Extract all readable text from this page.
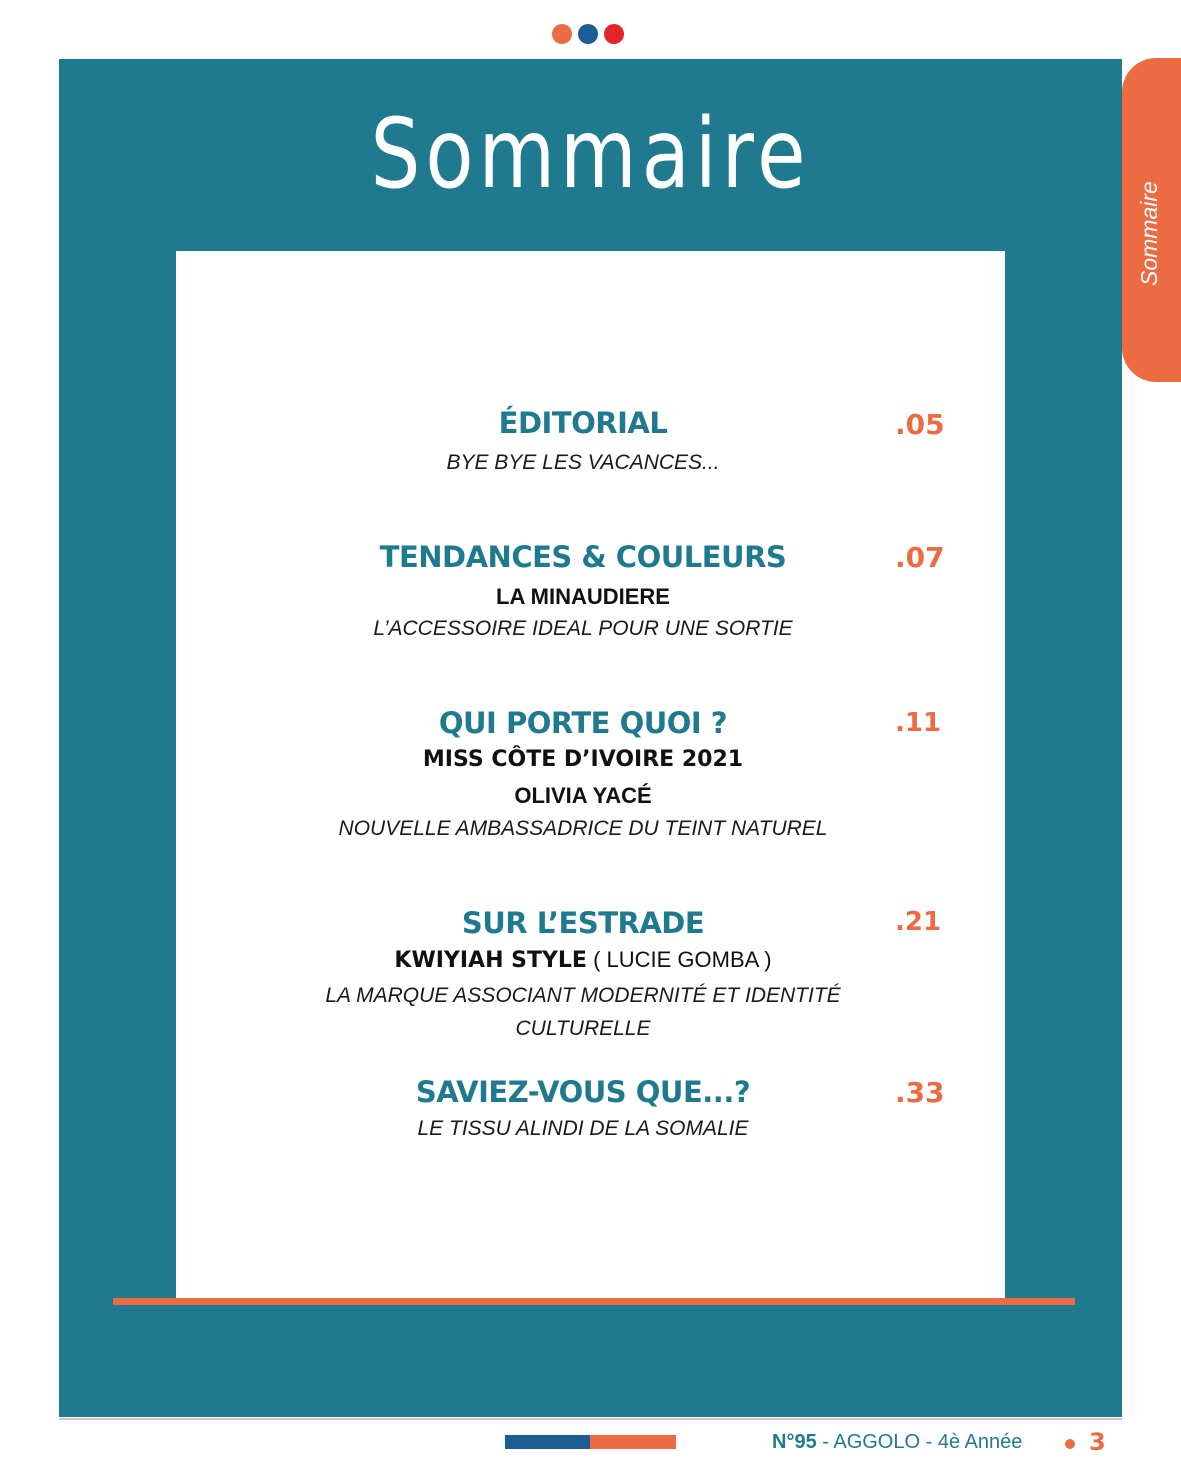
Sommaire
Sommaire
ÉDITORIAL	.05
BYE BYE LES VACANCES...
TENDANCES & COULEURS	.07
LA MINAUDIERE
L’ACCESSOIRE IDEAL POUR UNE SORTIE
QUI PORTE QUOI ?	.11
MISS CÔTE D’IVOIRE 2021
OLIVIA YACÉ
NOUVELLE AMBASSADRICE DU TEINT NATUREL
SUR L’ESTRADE	.21
KWIYIAH STYLE ( LUCIE GOMBA )
LA MARQUE ASSOCIANT MODERNITÉ ET IDENTITÉ
CULTURELLE
SAVIEZ-VOUS QUE...?	.33
LE TISSU ALINDI DE LA SOMALIE
N°95 - AGGOLO - 4è Année	3
